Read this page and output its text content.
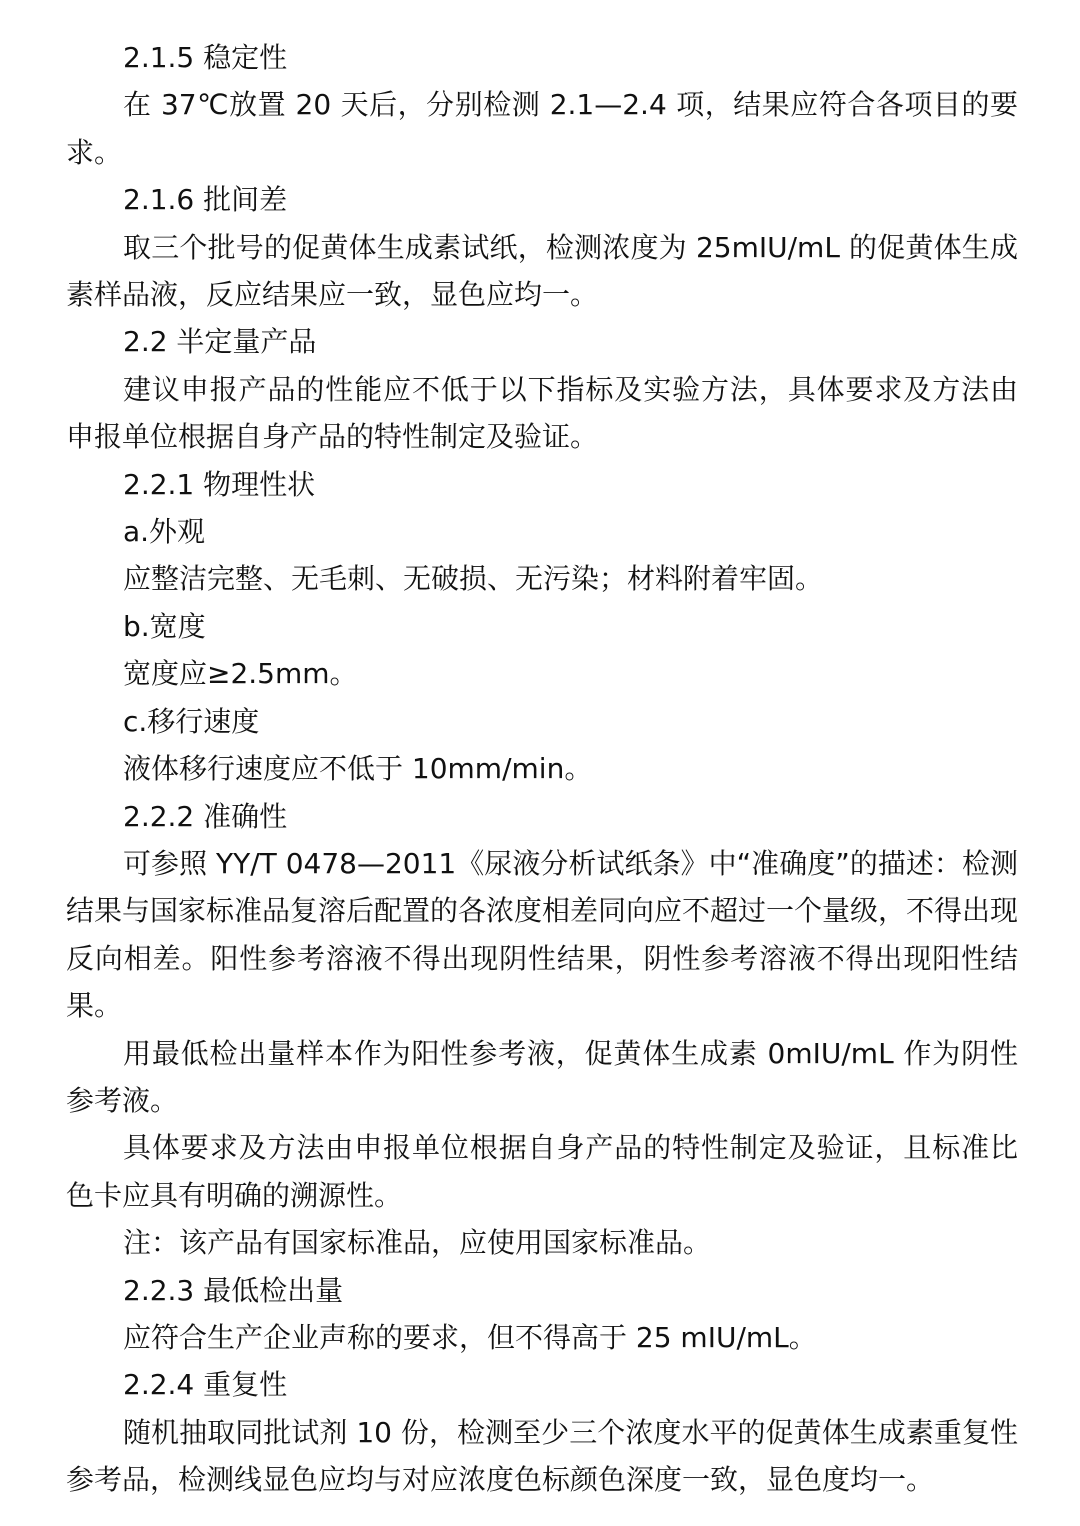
2.1.5 稳定性

在 37℃放置 20 天后，分别检测 2.1—2.4 项，结果应符合各项目的要求。

2.1.6 批间差

取三个批号的促黄体生成素试纸，检测浓度为 25mIU/mL 的促黄体生成素样品液，反应结果应一致，显色应均一。

2.2 半定量产品

建议申报产品的性能应不低于以下指标及实验方法，具体要求及方法由申报单位根据自身产品的特性制定及验证。

2.2.1 物理性状

a.外观

应整洁完整、无毛刺、无破损、无污染；材料附着牢固。

b.宽度

宽度应≥2.5mm。

c.移行速度

液体移行速度应不低于 10mm/min。

2.2.2 准确性

可参照 YY/T 0478—2011《尿液分析试纸条》中“准确度”的描述：检测结果与国家标准品复溶后配置的各浓度相差同向应不超过一个量级，不得出现反向相差。阳性参考溶液不得出现阴性结果，阴性参考溶液不得出现阳性结果。

用最低检出量样本作为阳性参考液，促黄体生成素 0mIU/mL 作为阴性参考液。

具体要求及方法由申报单位根据自身产品的特性制定及验证，且标准比色卡应具有明确的溯源性。

注：该产品有国家标准品，应使用国家标准品。

2.2.3 最低检出量

应符合生产企业声称的要求，但不得高于 25 mIU/mL。

2.2.4 重复性

随机抽取同批试剂 10 份，检测至少三个浓度水平的促黄体生成素重复性参考品，检测线显色应均与对应浓度色标颜色深度一致，显色度均一。
